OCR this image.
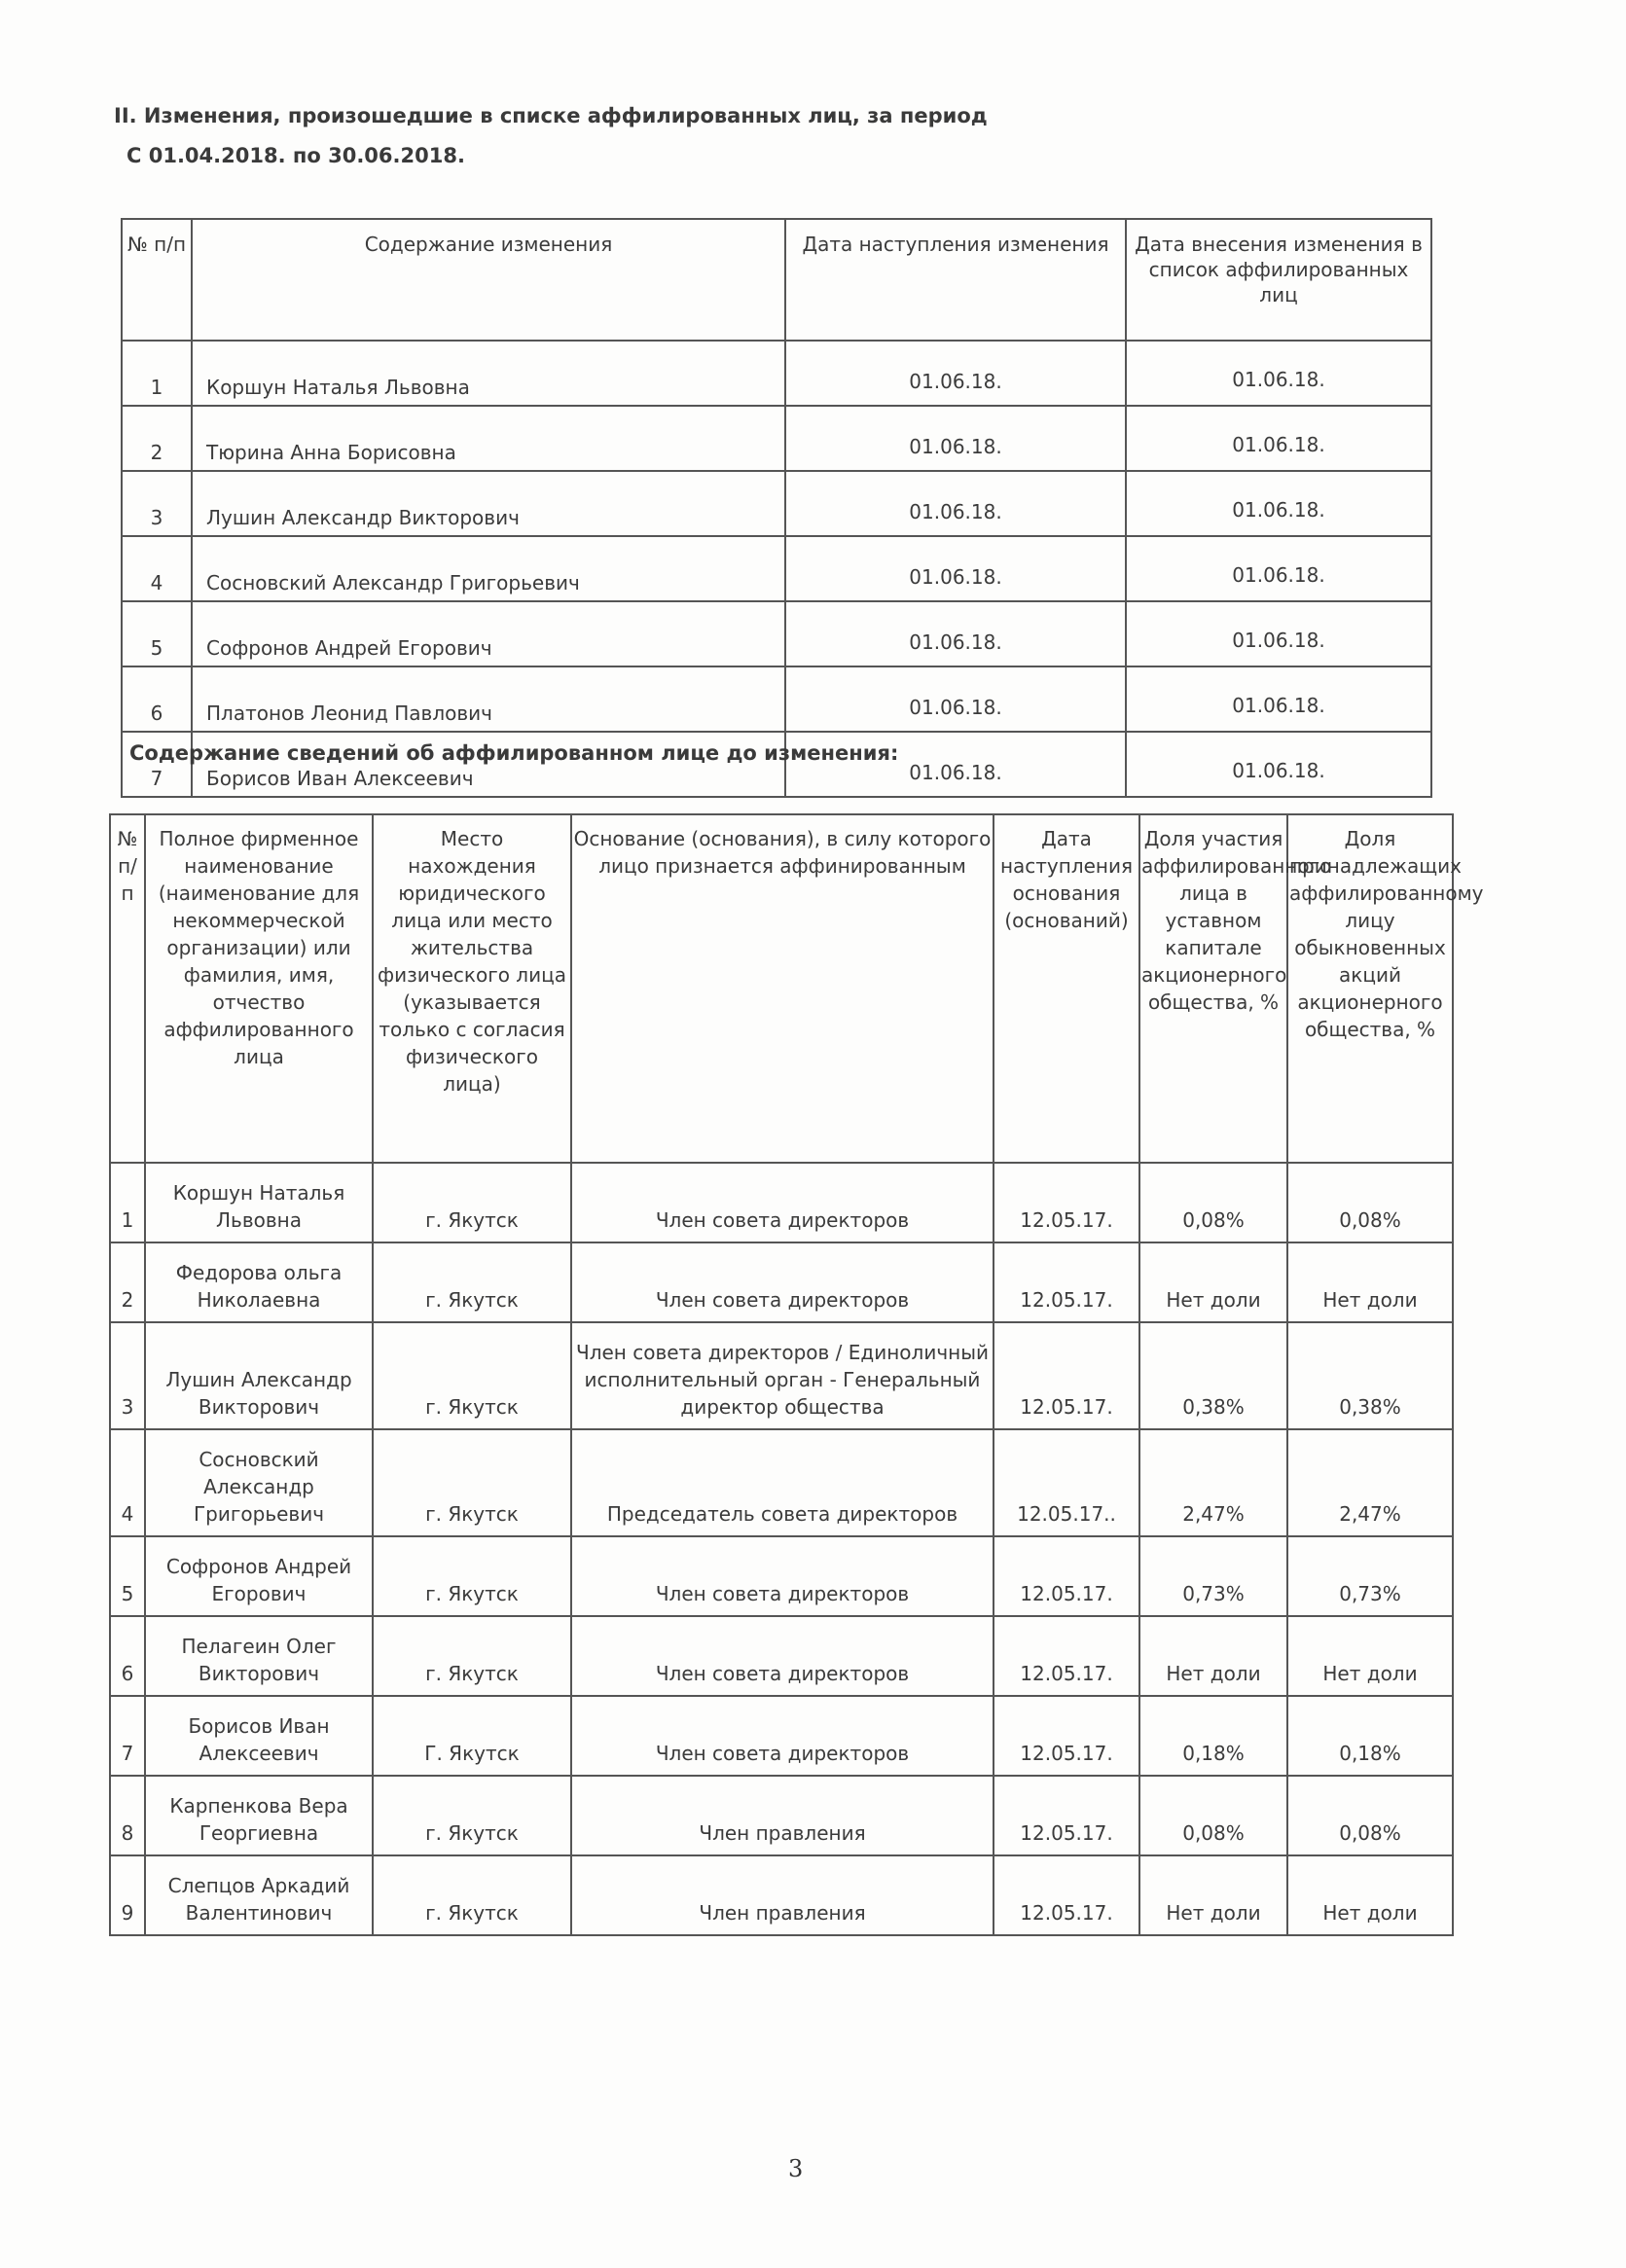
II. Изменения, произошедшие в списке аффилированных лиц, за период
С 01.04.2018. по 30.06.2018.
№ п/п	Содержание изменения	Дата наступления изменения	Дата внесения изменения в список аффилированных лиц
1	Коршун Наталья Львовна	01.06.18.	01.06.18.
2	Тюрина Анна Борисовна	01.06.18.	01.06.18.
3	Лушин Александр Викторович	01.06.18.	01.06.18.
4	Сосновский Александр Григорьевич	01.06.18.	01.06.18.
5	Софронов Андрей Егорович	01.06.18.	01.06.18.
6	Платонов Леонид Павлович	01.06.18.	01.06.18.
7	Борисов Иван Алексеевич	01.06.18.	01.06.18.
Содержание сведений об аффилированном лице до изменения:
№ п/п	Полное фирменное наименование (наименование для некоммерческой организации) или фамилия, имя, отчество аффилированного лица	Место нахождения юридического лица или место жительства физического лица (указывается только с согласия физического лица)	Основание (основания), в силу которого лицо признается аффинированным	Дата наступления основания (оснований)	Доля участия аффилированного лица в уставном капитале акционерного общества, %	Доля принадлежащих аффилированному лицу обыкновенных акций акционерного общества, %
1	Коршун Наталья Львовна	г. Якутск	Член совета директоров	12.05.17.	0,08%	0,08%
2	Федорова ольга Николаевна	г. Якутск	Член совета директоров	12.05.17.	Нет доли	Нет доли
3	Лушин Александр Викторович	г. Якутск	Член совета директоров / Единоличный исполнительный орган - Генеральный директор общества	12.05.17.	0,38%	0,38%
4	Сосновский Александр Григорьевич	г. Якутск	Председатель совета директоров	12.05.17..	2,47%	2,47%
5	Софронов Андрей Егорович	г. Якутск	Член совета директоров	12.05.17.	0,73%	0,73%
6	Пелагеин Олег Викторович	г. Якутск	Член совета директоров	12.05.17.	Нет доли	Нет доли
7	Борисов Иван Алексеевич	Г. Якутск	Член совета директоров	12.05.17.	0,18%	0,18%
8	Карпенкова Вера Георгиевна	г. Якутск	Член правления	12.05.17.	0,08%	0,08%
9	Слепцов Аркадий Валентинович	г. Якутск	Член правления	12.05.17.	Нет доли	Нет доли
3
